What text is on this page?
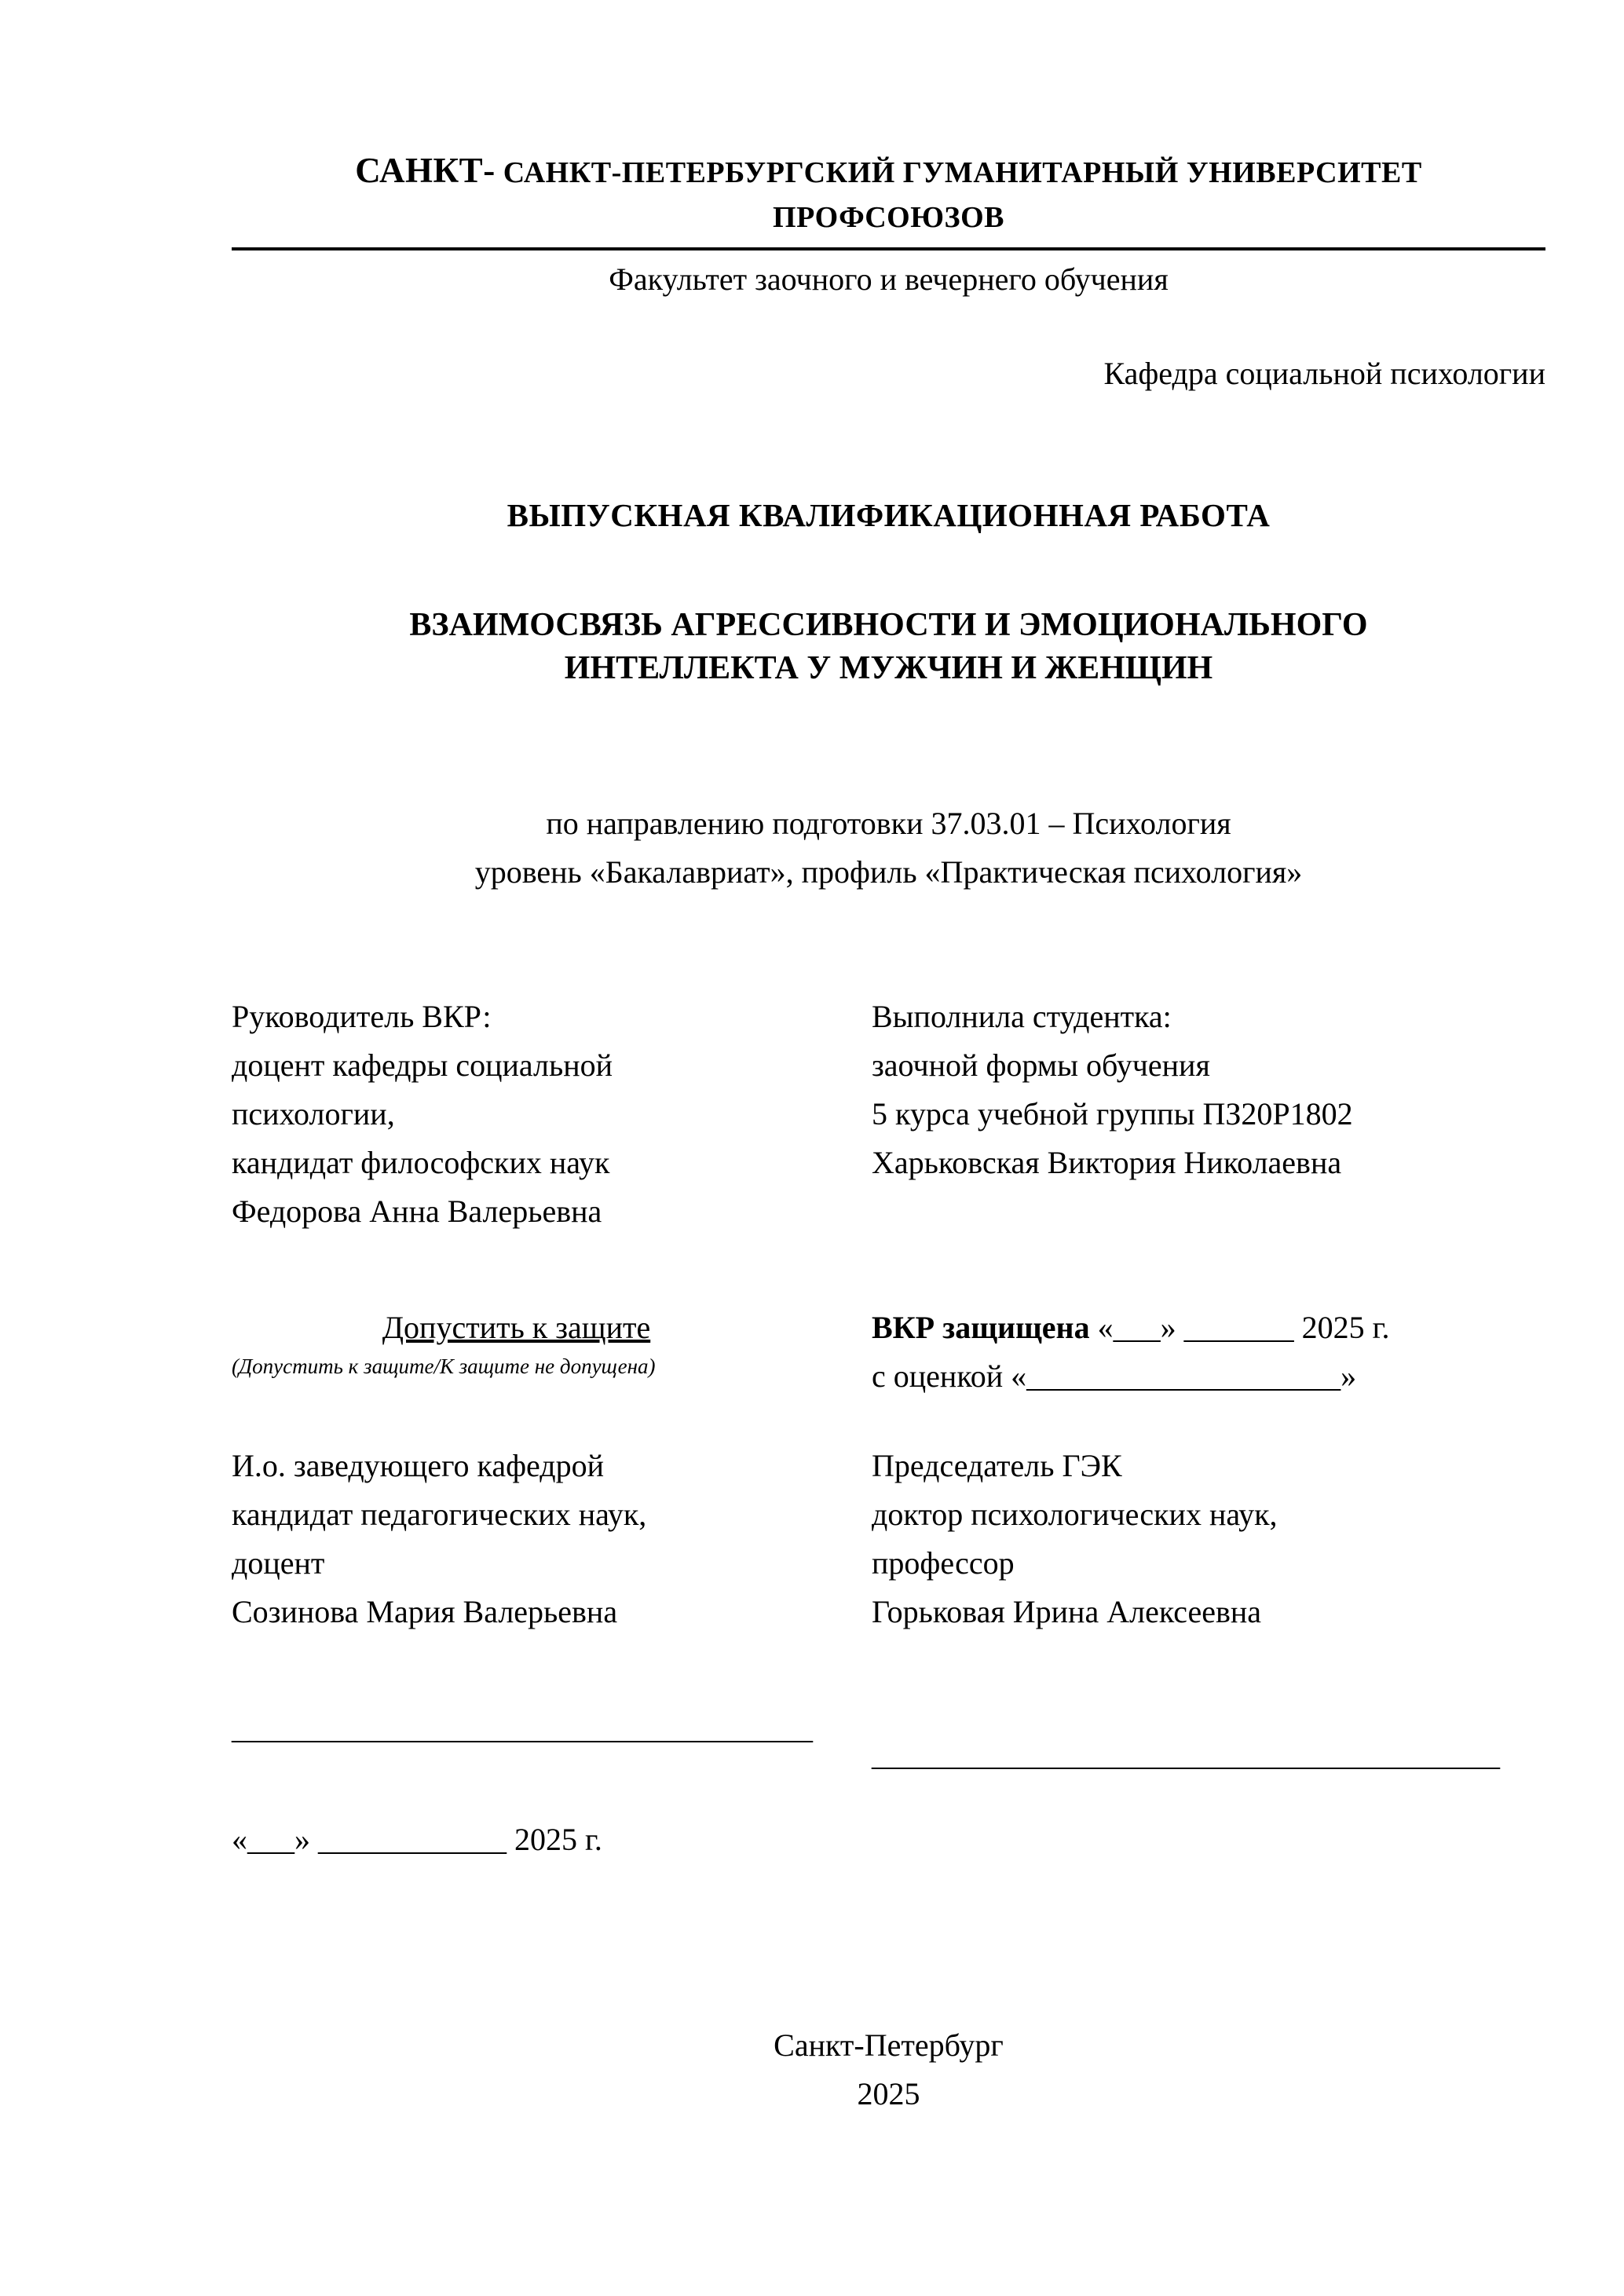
САНКТ- САНКТ-ПЕТЕРБУРГСКИЙ ГУМАНИТАРНЫЙ УНИВЕРСИТЕТ
ПРОФСОЮЗОВ
Факультет заочного и вечернего обучения
Кафедра социальной психологии
ВЫПУСКНАЯ КВАЛИФИКАЦИОННАЯ РАБОТА
ВЗАИМОСВЯЗЬ АГРЕССИВНОСТИ И ЭМОЦИОНАЛЬНОГО
ИНТЕЛЛЕКТА У МУЖЧИН И ЖЕНЩИН
по направлению подготовки 37.03.01 – Психология
уровень «Бакалавриат», профиль «Практическая психология»
Руководитель ВКР:
доцент кафедры социальной
психологии,
кандидат философских наук
Федорова Анна Валерьевна
Выполнила студентка:
заочной формы обучения
5 курса учебной группы ПЗ20Р1802
Харьковская Виктория Николаевна
Допустить к защите
(Допустить к защите/К защите не допущена)
ВКР защищена «___» _______ 2025 г.
с оценкой «____________________»
И.о. заведующего кафедрой
кандидат педагогических наук,
доцент
Созинова Мария Валерьевна
Председатель ГЭК
доктор психологических наук,
профессор
Горьковая Ирина Алексеевна
_____________________________________
________________________________________
«___» ____________ 2025 г.
Санкт-Петербург
2025
